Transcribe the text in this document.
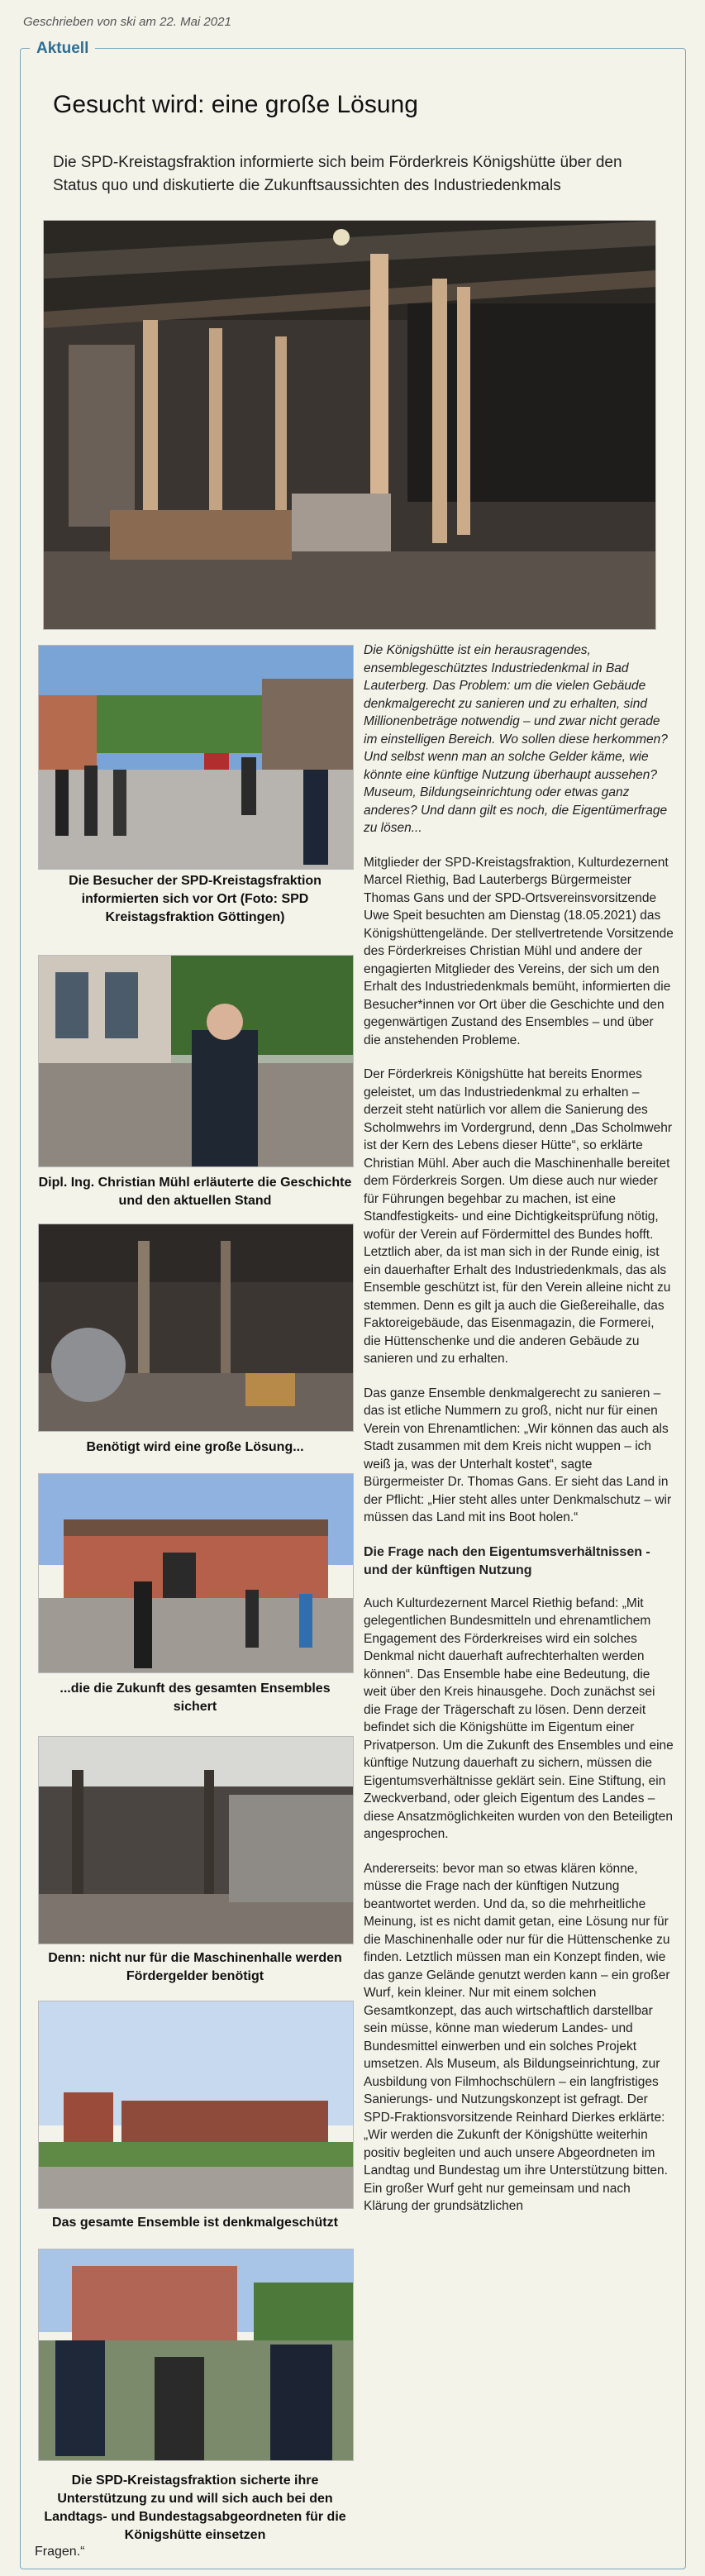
Geschrieben von ski am 22. Mai 2021
Aktuell
Gesucht wird: eine große Lösung
Die SPD-Kreistagsfraktion informierte sich beim Förderkreis Königshütte über den Status quo und diskutierte die Zukunftsaussichten des Industriedenkmals
Die Besucher der SPD-Kreistagsfraktion informierten sich vor Ort (Foto: SPD Kreistagsfraktion Göttingen)
Dipl. Ing. Christian Mühl erläuterte die Geschichte und den aktuellen Stand
Benötigt wird eine große Lösung...
...die die Zukunft des gesamten Ensembles sichert
Denn: nicht nur für die Maschinenhalle werden Fördergelder benötigt
Das gesamte Ensemble ist denkmalgeschützt
Die SPD-Kreistagsfraktion sicherte ihre Unterstützung zu und will sich auch bei den Landtags- und Bundestagsabgeordneten für die Königshütte einsetzen

Die Königshütte ist ein herausragendes, ensemblegeschütztes Industriedenkmal in Bad Lauterberg. Das Problem: um die vielen Gebäude denkmalgerecht zu sanieren und zu erhalten, sind Millionenbeträge notwendig – und zwar nicht gerade im einstelligen Bereich. Wo sollen diese herkommen? Und selbst wenn man an solche Gelder käme, wie könnte eine künftige Nutzung überhaupt aussehen? Museum, Bildungseinrichtung oder etwas ganz anderes? Und dann gilt es noch, die Eigentümerfrage zu lösen...

Mitglieder der SPD-Kreistagsfraktion, Kulturdezernent Marcel Riethig, Bad Lauterbergs Bürgermeister Thomas Gans und der SPD-Ortsvereinsvorsitzende Uwe Speit besuchten am Dienstag (18.05.2021) das Königshüttengelände. Der stellvertretende Vorsitzende des Förderkreises Christian Mühl und andere der engagierten Mitglieder des Vereins, der sich um den Erhalt des Industriedenkmals bemüht, informierten die Besucher*innen vor Ort über die Geschichte und den gegenwärtigen Zustand des Ensembles – und über die anstehenden Probleme.

Der Förderkreis Königshütte hat bereits Enormes geleistet, um das Industriedenkmal zu erhalten – derzeit steht natürlich vor allem die Sanierung des Scholmwehrs im Vordergrund, denn „Das Scholmwehr ist der Kern des Lebens dieser Hütte“, so erklärte Christian Mühl. Aber auch die Maschinenhalle bereitet dem Förderkreis Sorgen. Um diese auch nur wieder für Führungen begehbar zu machen, ist eine Standfestigkeits- und eine Dichtigkeitsprüfung nötig, wofür der Verein auf Fördermittel des Bundes hofft. Letztlich aber, da ist man sich in der Runde einig, ist ein dauerhafter Erhalt des Industriedenkmals, das als Ensemble geschützt ist, für den Verein alleine nicht zu stemmen. Denn es gilt ja auch die Gießereihalle, das Faktoreigebäude, das Eisenmagazin, die Formerei, die Hüttenschenke und die anderen Gebäude zu sanieren und zu erhalten.

Das ganze Ensemble denkmalgerecht zu sanieren – das ist etliche Nummern zu groß, nicht nur für einen Verein von Ehrenamtlichen: „Wir können das auch als Stadt zusammen mit dem Kreis nicht wuppen – ich weiß ja, was der Unterhalt kostet“, sagte Bürgermeister Dr. Thomas Gans. Er sieht das Land in der Pflicht: „Hier steht alles unter Denkmalschutz – wir müssen das Land mit ins Boot holen.“

Die Frage nach den Eigentumsverhältnissen - und der künftigen Nutzung

Auch Kulturdezernent Marcel Riethig befand: „Mit gelegentlichen Bundesmitteln und ehrenamtlichem Engagement des Förderkreises wird ein solches Denkmal nicht dauerhaft aufrechterhalten werden können“. Das Ensemble habe eine Bedeutung, die weit über den Kreis hinausgehe. Doch zunächst sei die Frage der Trägerschaft zu lösen. Denn derzeit befindet sich die Königshütte im Eigentum einer Privatperson. Um die Zukunft des Ensembles und eine künftige Nutzung dauerhaft zu sichern, müssen die Eigentumsverhältnisse geklärt sein. Eine Stiftung, ein Zweckverband, oder gleich Eigentum des Landes – diese Ansatzmöglichkeiten wurden von den Beteiligten angesprochen.

Andererseits: bevor man so etwas klären könne, müsse die Frage nach der künftigen Nutzung beantwortet werden. Und da, so die mehrheitliche Meinung, ist es nicht damit getan, eine Lösung nur für die Maschinenhalle oder nur für die Hüttenschenke zu finden. Letztlich müssen man ein Konzept finden, wie das ganze Gelände genutzt werden kann – ein großer Wurf, kein kleiner. Nur mit einem solchen Gesamtkonzept, das auch wirtschaftlich darstellbar sein müsse, könne man wiederum Landes- und Bundesmittel einwerben und ein solches Projekt umsetzen. Als Museum, als Bildungseinrichtung, zur Ausbildung von Filmhochschülern – ein langfristiges Sanierungs- und Nutzungskonzept ist gefragt. Der SPD-Fraktionsvorsitzende Reinhard Dierkes erklärte: „Wir werden die Zukunft der Königshütte weiterhin positiv begleiten und auch unsere Abgeordneten im Landtag und Bundestag um ihre Unterstützung bitten. Ein großer Wurf geht nur gemeinsam und nach Klärung der grundsätzlichen

Fragen.“
